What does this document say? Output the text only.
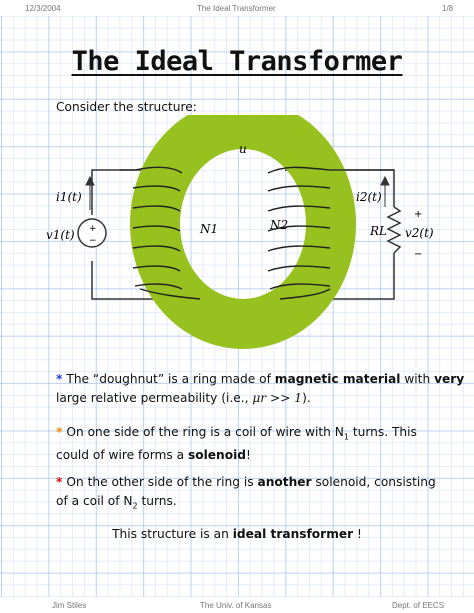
12/3/2004	The Ideal Transformer	1/8
The Ideal Transformer
Consider the structure:
+
−
u
i1(t)
v1(t)	N1	N2
i2(t)
RL v2(t)
+
−
* The “doughnut” is a ring made of magnetic material with very
large relative permeability (i.e., μr >> 1).
* On one side of the ring is a coil of wire with $N_1$ turns. This
could of wire forms a solenoid!
* On the other side of the ring is another solenoid, consisting
of a coil of $N_2$ turns.
This structure is an ideal transformer !
Jim Stiles	The Univ. of Kansas	Dept. of EECS
